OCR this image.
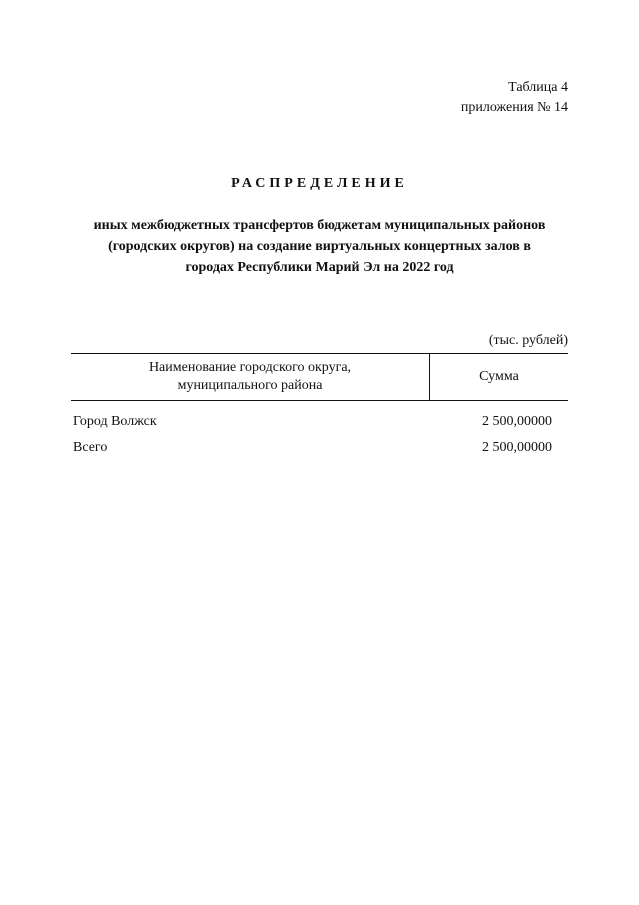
Таблица 4
приложения № 14
РАСПРЕДЕЛЕНИЕ
иных межбюджетных трансфертов бюджетам муниципальных районов
(городских округов) на создание виртуальных концертных залов в
городах Республики Марий Эл на 2022 год
(тыс. рублей)
Наименование городского округа,
муниципального района
Сумма
Город Волжск	2 500,00000
Всего	2 500,00000
